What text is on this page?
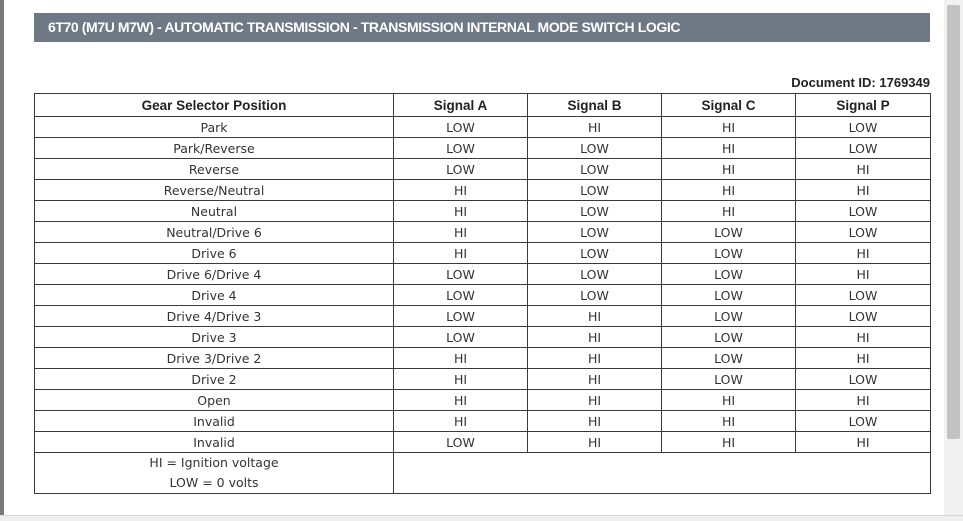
6T70 (M7U M7W) - AUTOMATIC TRANSMISSION - TRANSMISSION INTERNAL MODE SWITCH LOGIC
Document ID: 1769349
Gear Selector Position	Signal A	Signal B	Signal C	Signal P
Park	LOW	HI	HI	LOW
Park/Reverse	LOW	LOW	HI	LOW
Reverse	LOW	LOW	HI	HI
Reverse/Neutral	HI	LOW	HI	HI
Neutral	HI	LOW	HI	LOW
Neutral/Drive 6	HI	LOW	LOW	LOW
Drive 6	HI	LOW	LOW	HI
Drive 6/Drive 4	LOW	LOW	LOW	HI
Drive 4	LOW	LOW	LOW	LOW
Drive 4/Drive 3	LOW	HI	LOW	LOW
Drive 3	LOW	HI	LOW	HI
Drive 3/Drive 2	HI	HI	LOW	HI
Drive 2	HI	HI	LOW	LOW
Open	HI	HI	HI	HI
Invalid	HI	HI	HI	LOW
Invalid	LOW	HI	HI	HI

HI = Ignition voltage
LOW = 0 volts				
